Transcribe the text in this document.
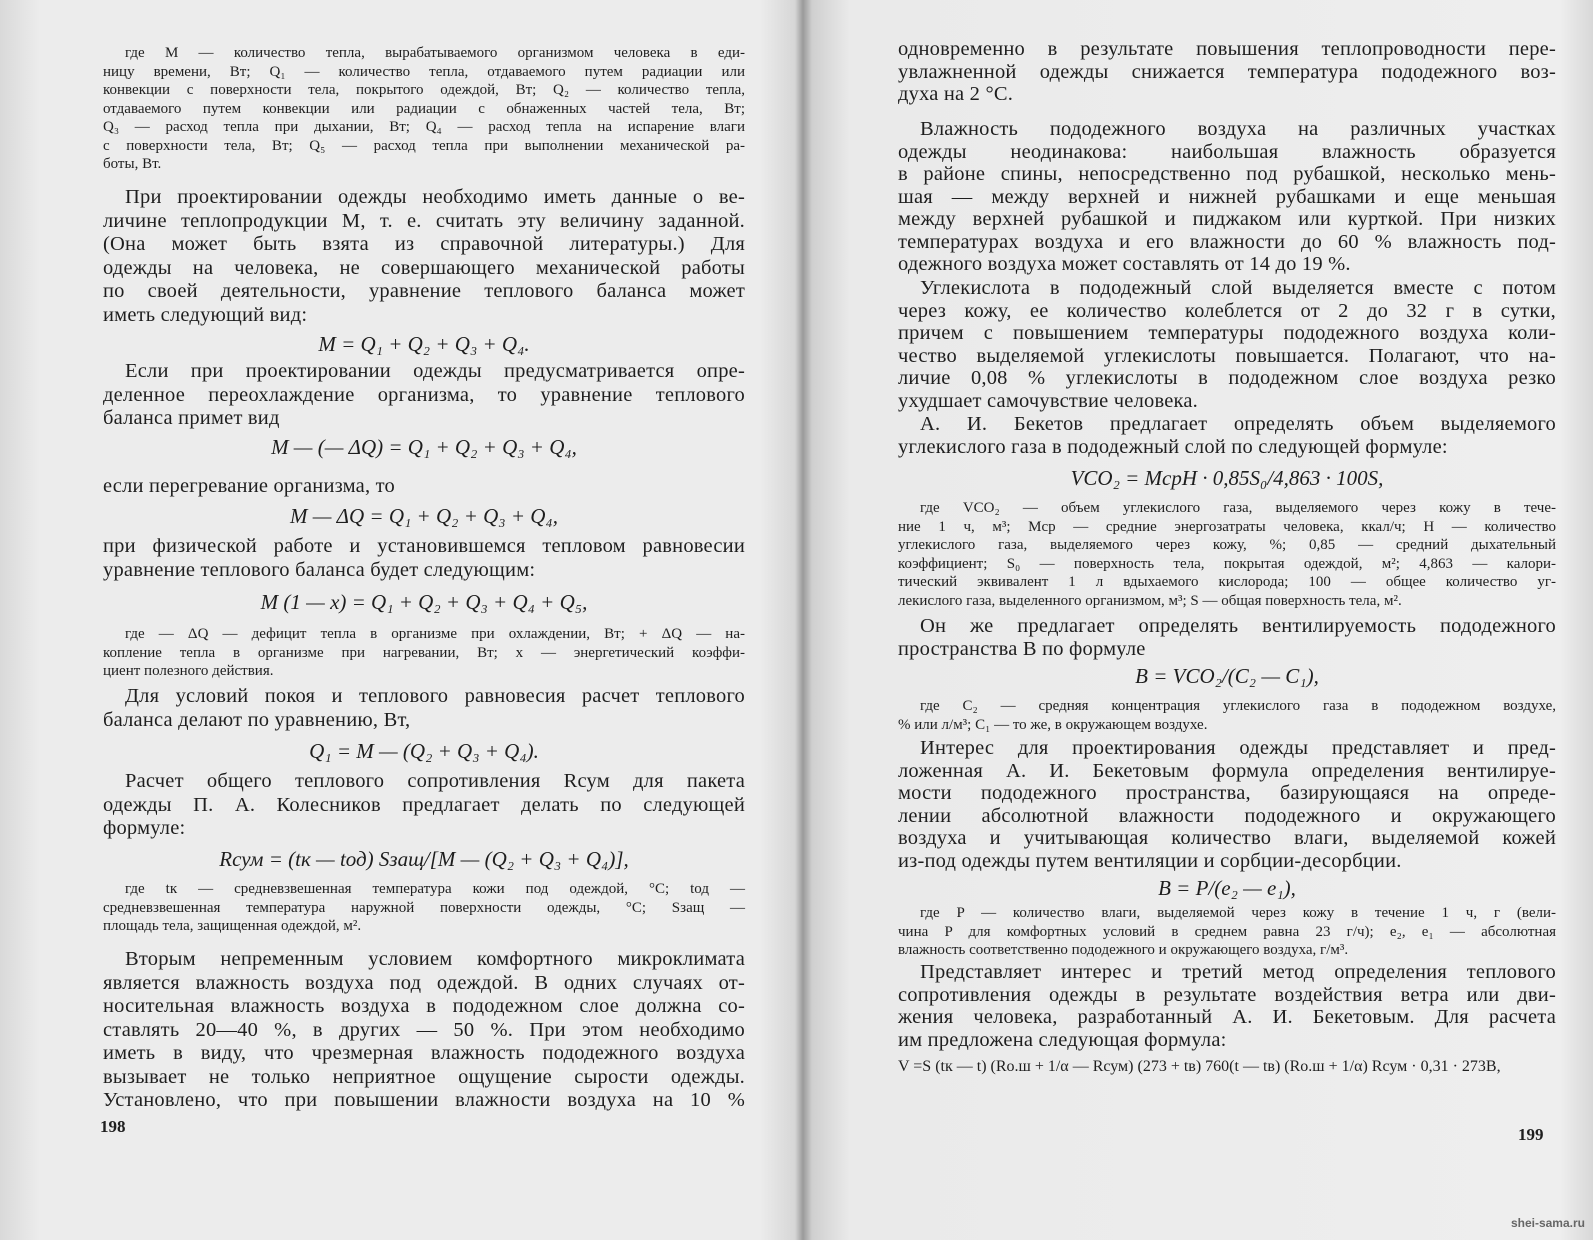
где M — количество тепла, вырабатываемого организмом человека в еди-
ницу времени, Вт; Q₁ — количество тепла, отдаваемого путем радиации или
конвекции с поверхности тела, покрытого одеждой, Вт; Q₂ — количество тепла,
отдаваемого путем конвекции или радиации с обнаженных частей тела, Вт;
Q₃ — расход тепла при дыхании, Вт; Q₄ — расход тепла на испарение влаги
с поверхности тела, Вт; Q₅ — расход тепла при выполнении механической ра-
боты, Вт.
При проектировании одежды необходимо иметь данные о ве-
личине теплопродукции M, т. е. считать эту величину заданной.
(Она может быть взята из справочной литературы.) Для
одежды на человека, не совершающего механической работы
по своей деятельности, уравнение теплового баланса может
иметь следующий вид:
M = Q₁ + Q₂ + Q₃ + Q₄.
Если при проектировании одежды предусматривается опре-
деленное переохлаждение организма, то уравнение теплового
баланса примет вид
M — (— ΔQ) = Q₁ + Q₂ + Q₃ + Q₄,
если перегревание организма, то
M — ΔQ = Q₁ + Q₂ + Q₃ + Q₄,
при физической работе и установившемся тепловом равновесии
уравнение теплового баланса будет следующим:
M (1 — x) = Q₁ + Q₂ + Q₃ + Q₄ + Q₅,
где — ΔQ — дефицит тепла в организме при охлаждении, Вт; + ΔQ — на-
копление тепла в организме при нагревании, Вт; x — энергетический коэффи-
циент полезного действия.
Для условий покоя и теплового равновесия расчет теплового
баланса делают по уравнению, Вт,
Q₁ = M — (Q₂ + Q₃ + Q₄).
Расчет общего теплового сопротивления Rсум для пакета
одежды П. А. Колесников предлагает делать по следующей
формуле:
Rсум = (tк — tод) Sзащ/[M — (Q₂ + Q₃ + Q₄)],
где tк — средневзвешенная температура кожи под одеждой, °С; tод —
средневзвешенная температура наружной поверхности одежды, °С; Sзащ —
площадь тела, защищенная одеждой, м².
Вторым непременным условием комфортного микроклимата
является влажность воздуха под одеждой. В одних случаях от-
носительная влажность воздуха в пододежном слое должна со-
ставлять 20—40 %, в других — 50 %. При этом необходимо
иметь в виду, что чрезмерная влажность пододежного воздуха
вызывает не только неприятное ощущение сырости одежды.
Установлено, что при повышении влажности воздуха на 10 %
одновременно в результате повышения теплопроводности пере-
увлажненной одежды снижается температура пододежного воз-
духа на 2 °С.
Влажность пододежного воздуха на различных участках
одежды неодинакова: наибольшая влажность образуется
в районе спины, непосредственно под рубашкой, несколько мень-
шая — между верхней и нижней рубашками и еще меньшая
между верхней рубашкой и пиджаком или курткой. При низких
температурах воздуха и его влажности до 60 % влажность под-
одежного воздуха может составлять от 14 до 19 %.
Углекислота в пододежный слой выделяется вместе с потом
через кожу, ее количество колеблется от 2 до 32 г в сутки,
причем с повышением температуры пододежного воздуха коли-
чество выделяемой углекислоты повышается. Полагают, что на-
личие 0,08 % углекислоты в пододежном слое воздуха резко
ухудшает самочувствие человека.
А. И. Бекетов предлагает определять объем выделяемого
углекислого газа в пододежный слой по следующей формуле:
VCO₂ = MсрH · 0,85S₀/4,863 · 100S,
где VCO₂ — объем углекислого газа, выделяемого через кожу в тече-
ние 1 ч, м³; Mср — средние энергозатраты человека, ккал/ч; H — количество
углекислого газа, выделяемого через кожу, %; 0,85 — средний дыхательный
коэффициент; S₀ — поверхность тела, покрытая одеждой, м²; 4,863 — калори-
тический эквивалент 1 л вдыхаемого кислорода; 100 — общее количество уг-
лекислого газа, выделенного организмом, м³; S — общая поверхность тела, м².
Он же предлагает определять вентилируемость пододежного
пространства B по формуле
B = VCO₂/(C₂ — C₁),
где C₂ — средняя концентрация углекислого газа в пододежном воздухе,
% или л/м³; C₁ — то же, в окружающем воздухе.
Интерес для проектирования одежды представляет и пред-
ложенная А. И. Бекетовым формула определения вентилируе-
мости пододежного пространства, базирующаяся на опреде-
лении абсолютной влажности пододежного и окружающего
воздуха и учитывающая количество влаги, выделяемой кожей
из-под одежды путем вентиляции и сорбции-десорбции.
B = P/(e₂ — e₁),
где P — количество влаги, выделяемой через кожу в течение 1 ч, г (вели-
чина P для комфортных условий в среднем равна 23 г/ч); e₂, e₁ — абсолютная
влажность соответственно пододежного и окружающего воздуха, г/м³.
Представляет интерес и третий метод определения теплового
сопротивления одежды в результате воздействия ветра или дви-
жения человека, разработанный А. И. Бекетовым. Для расчета
им предложена следующая формула:
V =S (tк — t) (Rо.ш + 1/α — Rсум) (273 + tв) 760(t — tв) (Rо.ш + 1/α) Rсум · 0,31 · 273B,
198	199
shei-sama.ru
